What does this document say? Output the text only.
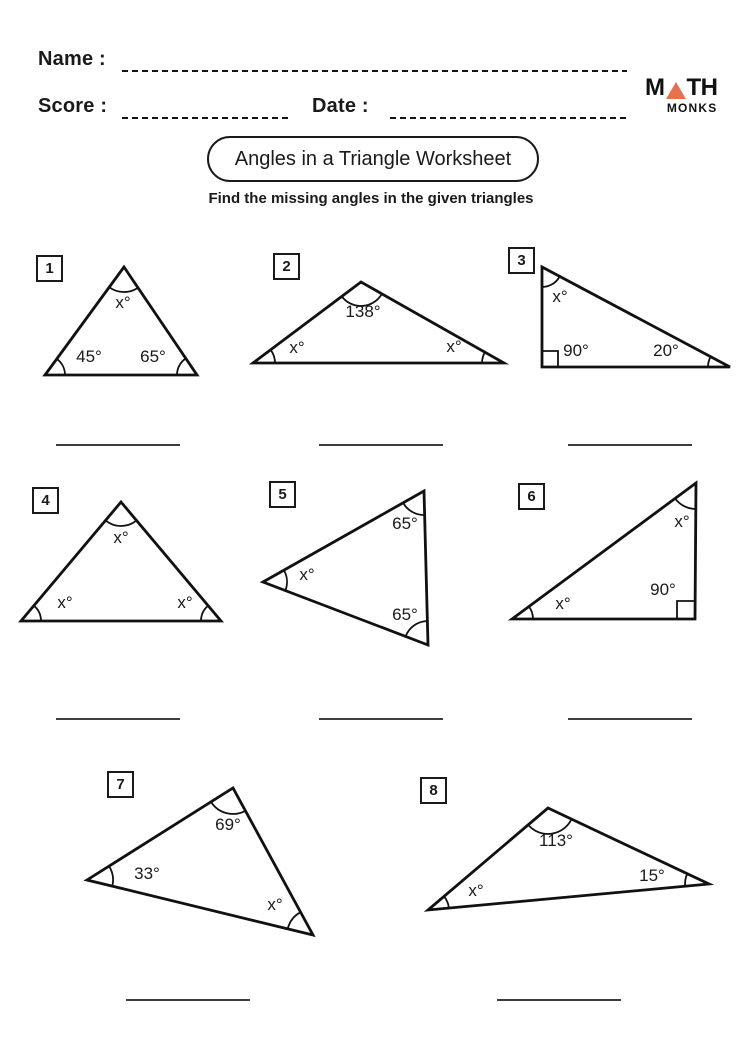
Name :
Score :	Date :
M TH
MONKS
Angles in a Triangle Worksheet
Find the missing angles in the given triangles
1
x°
45° 65°
2
138°
x°	x°
3
x°
90°	20°
4
x°
x°	x°
5
x°
65°
65°
6
x°
x°
90°
7
33°
69°
x°
8
113°
x°
15°
